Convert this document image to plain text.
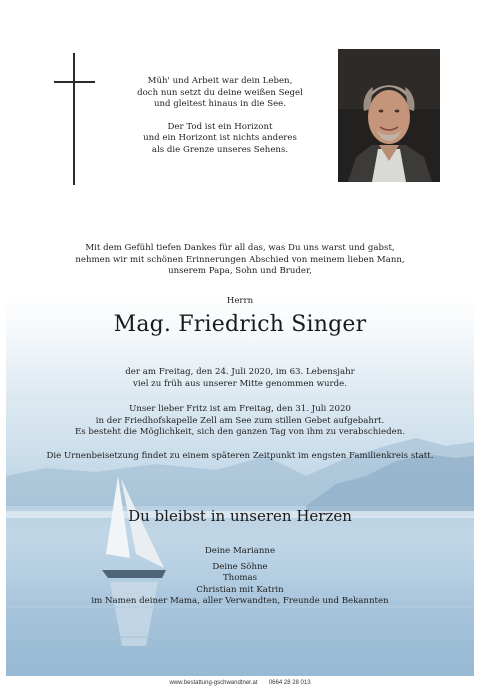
Müh' und Arbeit war dein Leben,

doch nun setzt du deine weißen Segel

und gleitest hinaus in die See.

Der Tod ist ein Horizont

und ein Horizont ist nichts anderes

als die Grenze unseres Sehens.

Mit dem Gefühl tiefen Dankes für all das, was Du uns warst und gabst,

nehmen wir mit schönen Erinnerungen Abschied von meinem lieben Mann,

unserem Papa, Sohn und Bruder,

Herrn

Mag. Friedrich Singer

der am Freitag, den 24. Juli 2020, im 63. Lebensjahr

viel zu früh aus unserer Mitte genommen wurde.

Unser lieber Fritz ist am Freitag, den 31. Juli 2020

in der Friedhofskapelle Zell am See zum stillen Gebet aufgebahrt.

Es besteht die Möglichkeit, sich den ganzen Tag von ihm zu verabschieden.

Die Urnenbeisetzung findet zu einem späteren Zeitpunkt im engsten Familienkreis statt.

Du bleibst in unseren Herzen

Deine Marianne

Deine Söhne

Thomas

Christian mit Katrin

im Namen deiner Mama, aller Verwandten, Freunde und Bekannten

www.bestattung-gschwandtner.at 0664 28 28 013
